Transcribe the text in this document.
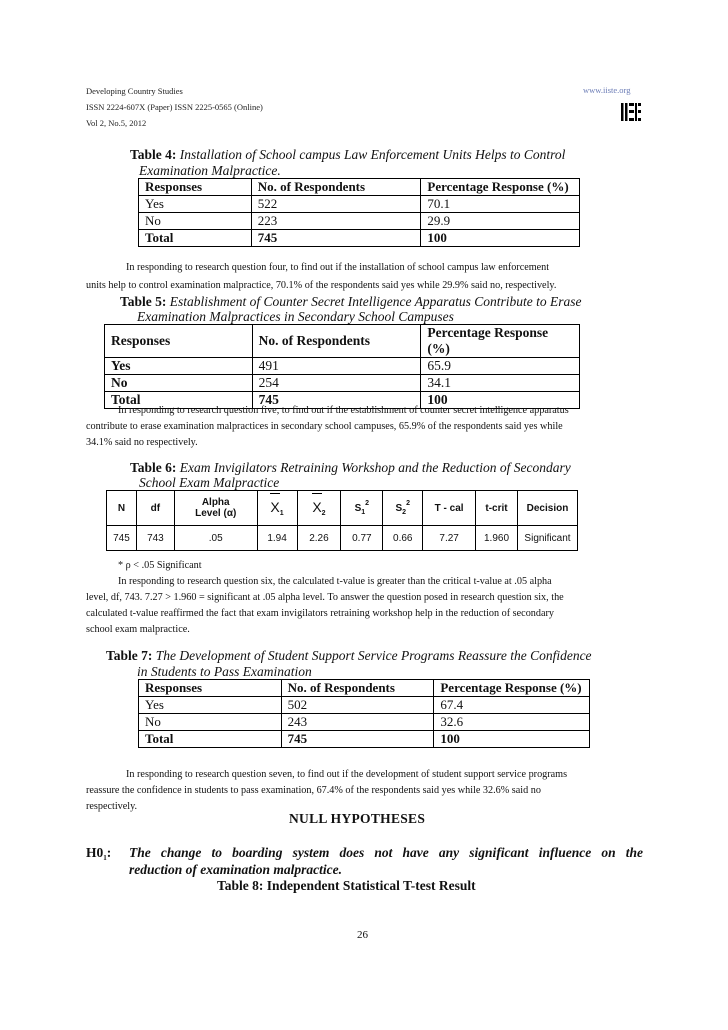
Developing Country Studies
ISSN 2224-607X (Paper) ISSN 2225-0565 (Online)
Vol 2, No.5, 2012
www.iiste.org
Table 4: Installation of School campus Law Enforcement Units Helps to Control
Examination Malpractice.
Responses	No. of Respondents	Percentage Response (%)
Yes	522	70.1
No	223	29.9
Total	745	100
In responding to research question four, to find out if the installation of school campus law enforcement
units help to control examination malpractice, 70.1% of the respondents said yes while 29.9% said no, respectively.
Table 5: Establishment of Counter Secret Intelligence Apparatus Contribute to Erase
Examination Malpractices in Secondary School Campuses
Responses	No. of Respondents	Percentage Response (%)
Yes	491	65.9
No	254	34.1
Total	745	100
In responding to research question five, to find out if the establishment of counter secret intelligence apparatus
contribute to erase examination malpractices in secondary school campuses, 65.9% of the respondents said yes while
34.1% said no respectively.
Table 6: Exam Invigilators Retraining Workshop and the Reduction of Secondary
School Exam Malpractice
N	df	Alpha
Level (α)	$X_1$	$X_2$	$S_1^2$	$S_2^2$	T - cal	t-crit	Decision
745	743	.05	1.94	2.26	0.77	0.66	7.27	1.960	Significant
* ρ < .05 Significant
In responding to research question six, the calculated t-value is greater than the critical t-value at .05 alpha
level, df, 743. 7.27 > 1.960 = significant at .05 alpha level. To answer the question posed in research question six, the
calculated t-value reaffirmed the fact that exam invigilators retraining workshop help in the reduction of secondary
school exam malpractice.
Table 7: The Development of Student Support Service Programs Reassure the Confidence
in Students to Pass Examination
Responses	No. of Respondents	Percentage Response (%)
Yes	502	67.4
No	243	32.6
Total	745	100
In responding to research question seven, to find out if the development of student support service programs
reassure the confidence in students to pass examination, 67.4% of the respondents said yes while 32.6% said no
respectively.
NULL HYPOTHESES
$H0_1$: The change to boarding system does not have any significant influence on the
reduction of examination malpractice.
Table 8: Independent Statistical T-test Result
26
